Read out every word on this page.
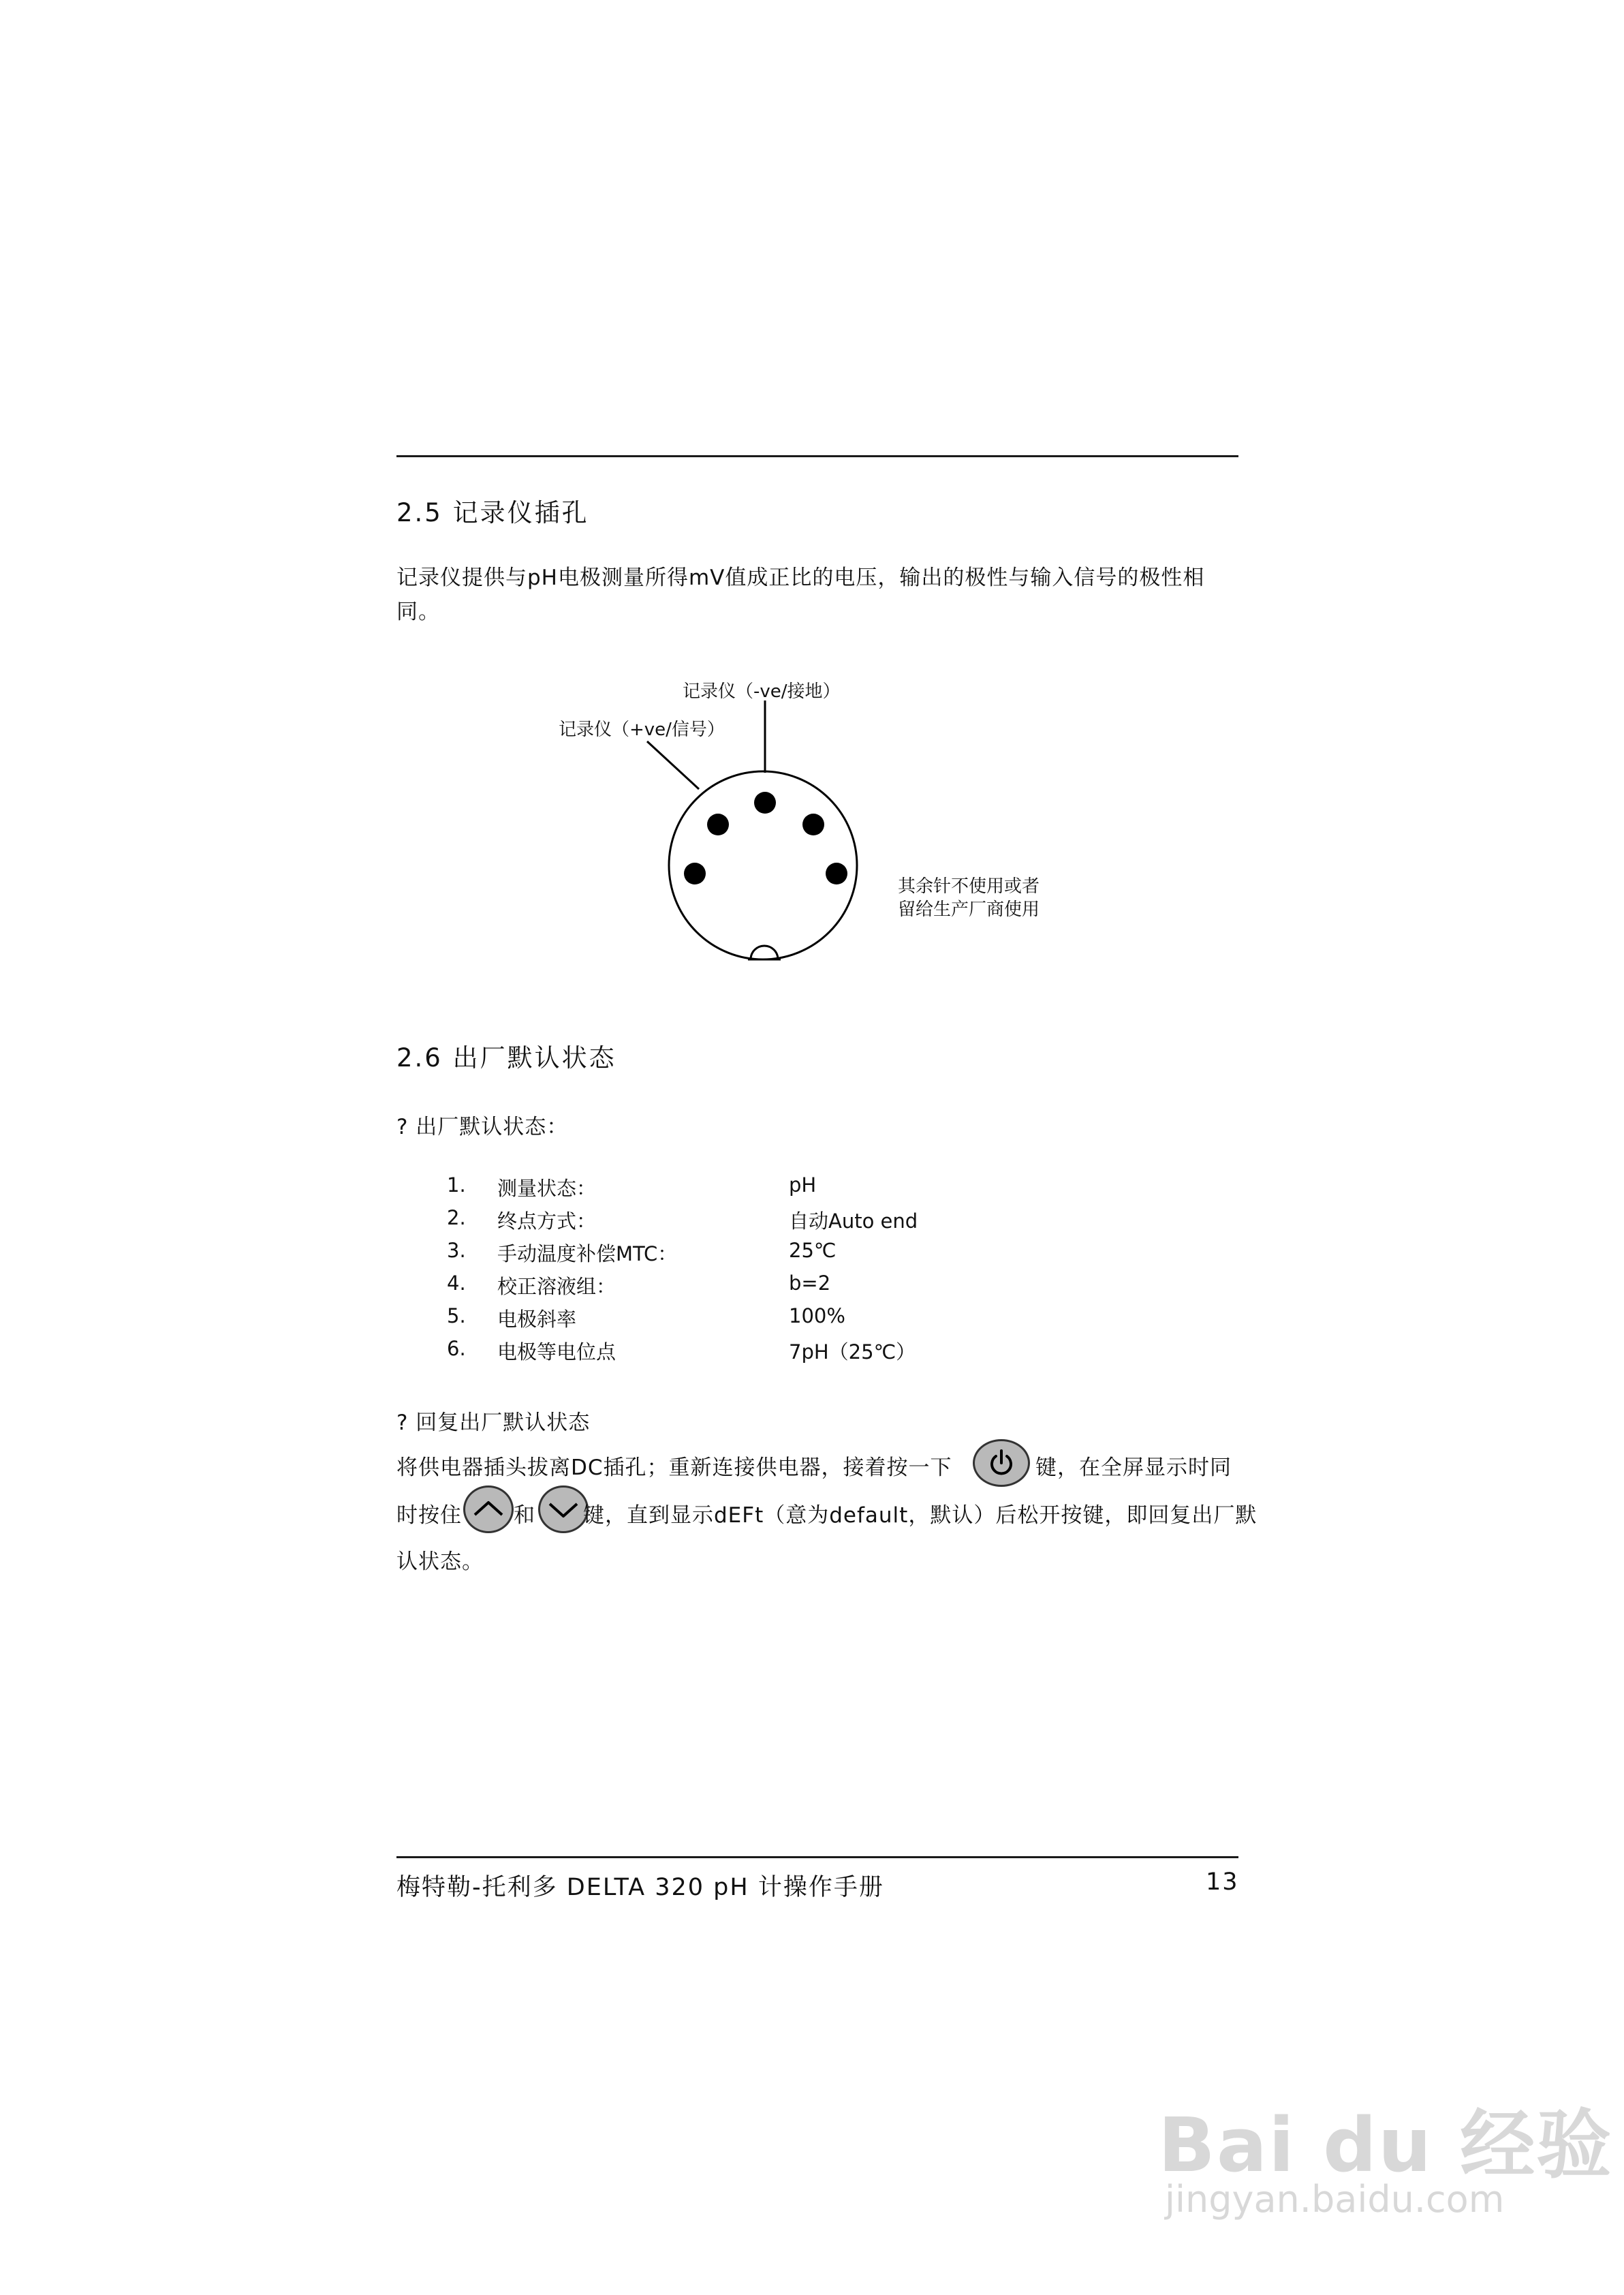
2.5 记录仪插孔
记录仪提供与pH电极测量所得mV值成正比的电压，输出的极性与输入信号的极性相
同。
记录仪（-ve/接地）
记录仪（+ve/信号）
其余针不使用或者
留给生产厂商使用
2.6 出厂默认状态
? 出厂默认状态：
1. 测量状态：	pH
2. 终点方式：	自动Auto end
3. 手动温度补偿MTC：	25℃
4. 校正溶液组：	b=2
5. 电极斜率	100%
6. 电极等电位点	7pH（25℃）
? 回复出厂默认状态
将供电器插头拔离DC插孔；重新连接供电器，接着按一下	键，在全屏显示时同
时按住 和 键，直到显示dEFt（意为default，默认）后松开按键，即回复出厂默
认状态。
梅特勒-托利多 DELTA 320 pH 计操作手册	13
Bai du 经验
jingyan.baidu.com
